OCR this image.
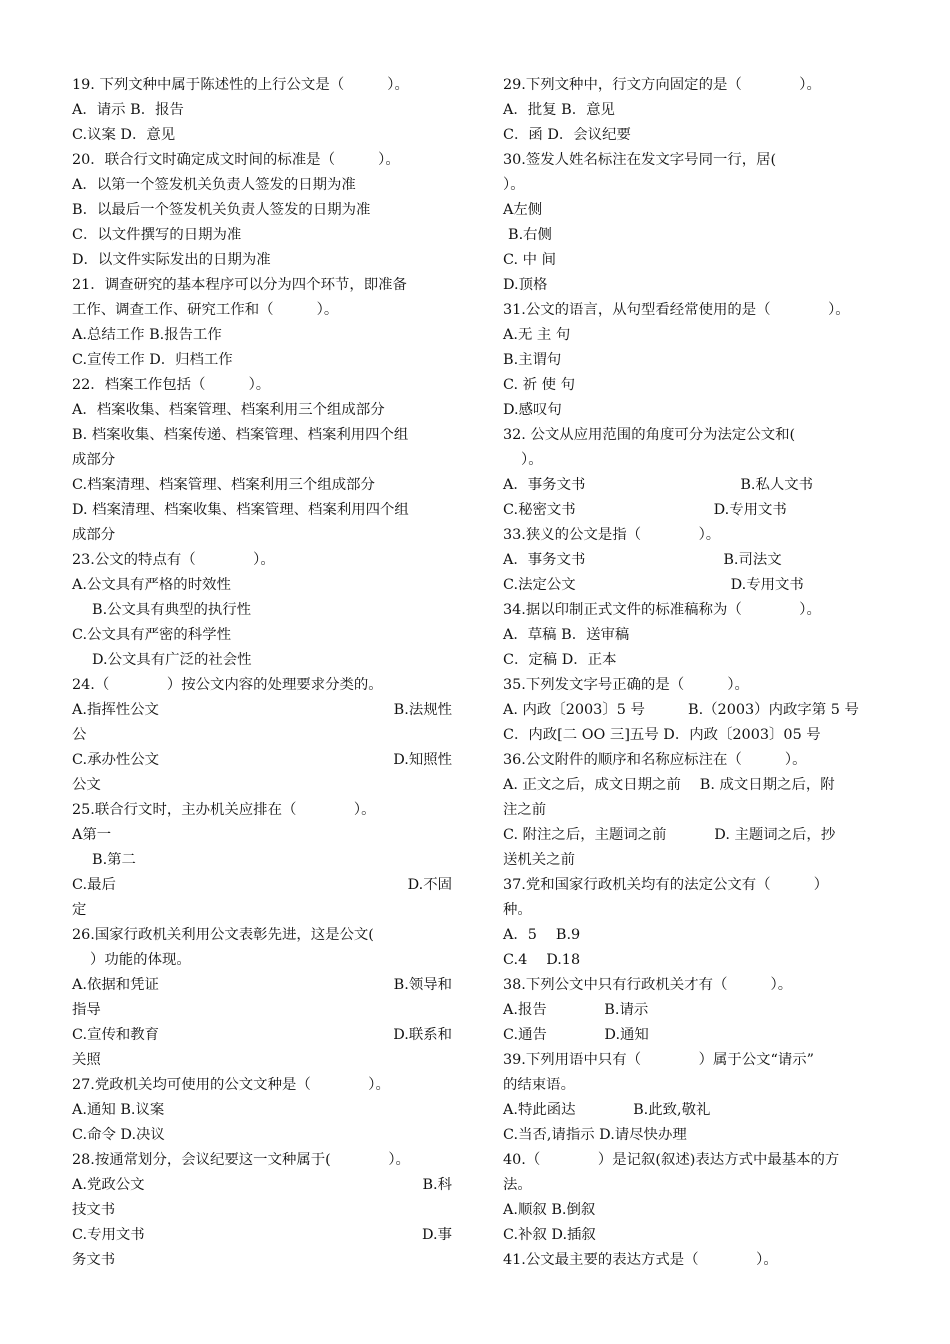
19. 下列文种中属于陈述性的上行公文是（　　　）。
A．请示 B．报告
C.议案 D．意见
20．联合行文时确定成文时间的标准是（　　　）。
A．以第一个签发机关负责人签发的日期为准
B．以最后一个签发机关负责人签发的日期为准
C．以文件撰写的日期为准
D．以文件实际发出的日期为准
21．调查研究的基本程序可以分为四个环节，即准备
工作、调查工作、研究工作和（　　　）。
A.总结工作 B.报告工作
C.宣传工作 D．归档工作
22．档案工作包括（　　　）。
A．档案收集、档案管理、档案利用三个组成部分
B. 档案收集、档案传递、档案管理、档案利用四个组
成部分
C.档案清理、档案管理、档案利用三个组成部分
D. 档案清理、档案收集、档案管理、档案利用四个组
成部分
23.公文的特点有（　　　　）。
A.公文具有严格的时效性
B.公文具有典型的执行性
C.公文具有严密的科学性
D.公文具有广泛的社会性
24.（　　　　）按公文内容的处理要求分类的。
A.指挥性公文	B.法规性
公
C.承办性公文	D.知照性
公文
25.联合行文时，主办机关应排在（　　　　）。
A第一
B.第二
C.最后	D.不固
定
26.国家行政机关利用公文表彰先进，这是公文(
）功能的体现。
A.依据和凭证	B.领导和
指导
C.宣传和教育	D.联系和
关照
27.党政机关均可使用的公文文种是（　　　　）。
A.通知 B.议案
C.命令 D.决议
28.按通常划分，会议纪要这一文种属于(　　　　）。
A.党政公文	B.科
技文书
C.专用文书	D.事
务文书
29.下列文种中，行文方向固定的是（　　　　）。
A．批复 B．意见
C．函 D．会议纪要
30.签发人姓名标注在发文字号同一行，居(
）。
A左侧
B.右侧
C. 中 间
D.顶格
31.公文的语言，从句型看经常使用的是（　　　　）。
A.无 主 句
B.主谓句
C. 祈 使 句
D.感叹句
32. 公文从应用范围的角度可分为法定公文和(
）。
A．事务文书	B.私人文书
C.秘密文书	D.专用文书
33.狭义的公文是指（　　　　）。
A．事务文书	B.司法文
C.法定公文	D.专用文书
34.据以印制正式文件的标准稿称为（　　　　）。
A．草稿 B．送审稿
C．定稿 D．正本
35.下列发文字号正确的是（　　　）。
A. 内政〔2003〕5 号　　　B.（2003）内政字第 5 号
C．内政[二 OO 三]五号 D．内政〔2003〕05 号
36.公文附件的顺序和名称应标注在（　　　）。
A. 正文之后，成文日期之前　 B. 成文日期之后，附
注之前
C. 附注之后，主题词之前　　　 D. 主题词之后，抄
送机关之前
37.党和国家行政机关均有的法定公文有（　　　）
种。
A．5　 B.9
C.4　 D.18
38.下列公文中只有行政机关才有（　　　）。
A.报告　　　　B.请示
C.通告　　　　D.通知
39.下列用语中只有（　　　　）属于公文“请示”
的结束语。
A.特此函达　　　　B.此致,敬礼
C.当否,请指示 D.请尽快办理
40.（　　　　）是记叙(叙述)表达方式中最基本的方
法。
A.顺叙 B.倒叙
C.补叙 D.插叙
41.公文最主要的表达方式是（　　　　）。
